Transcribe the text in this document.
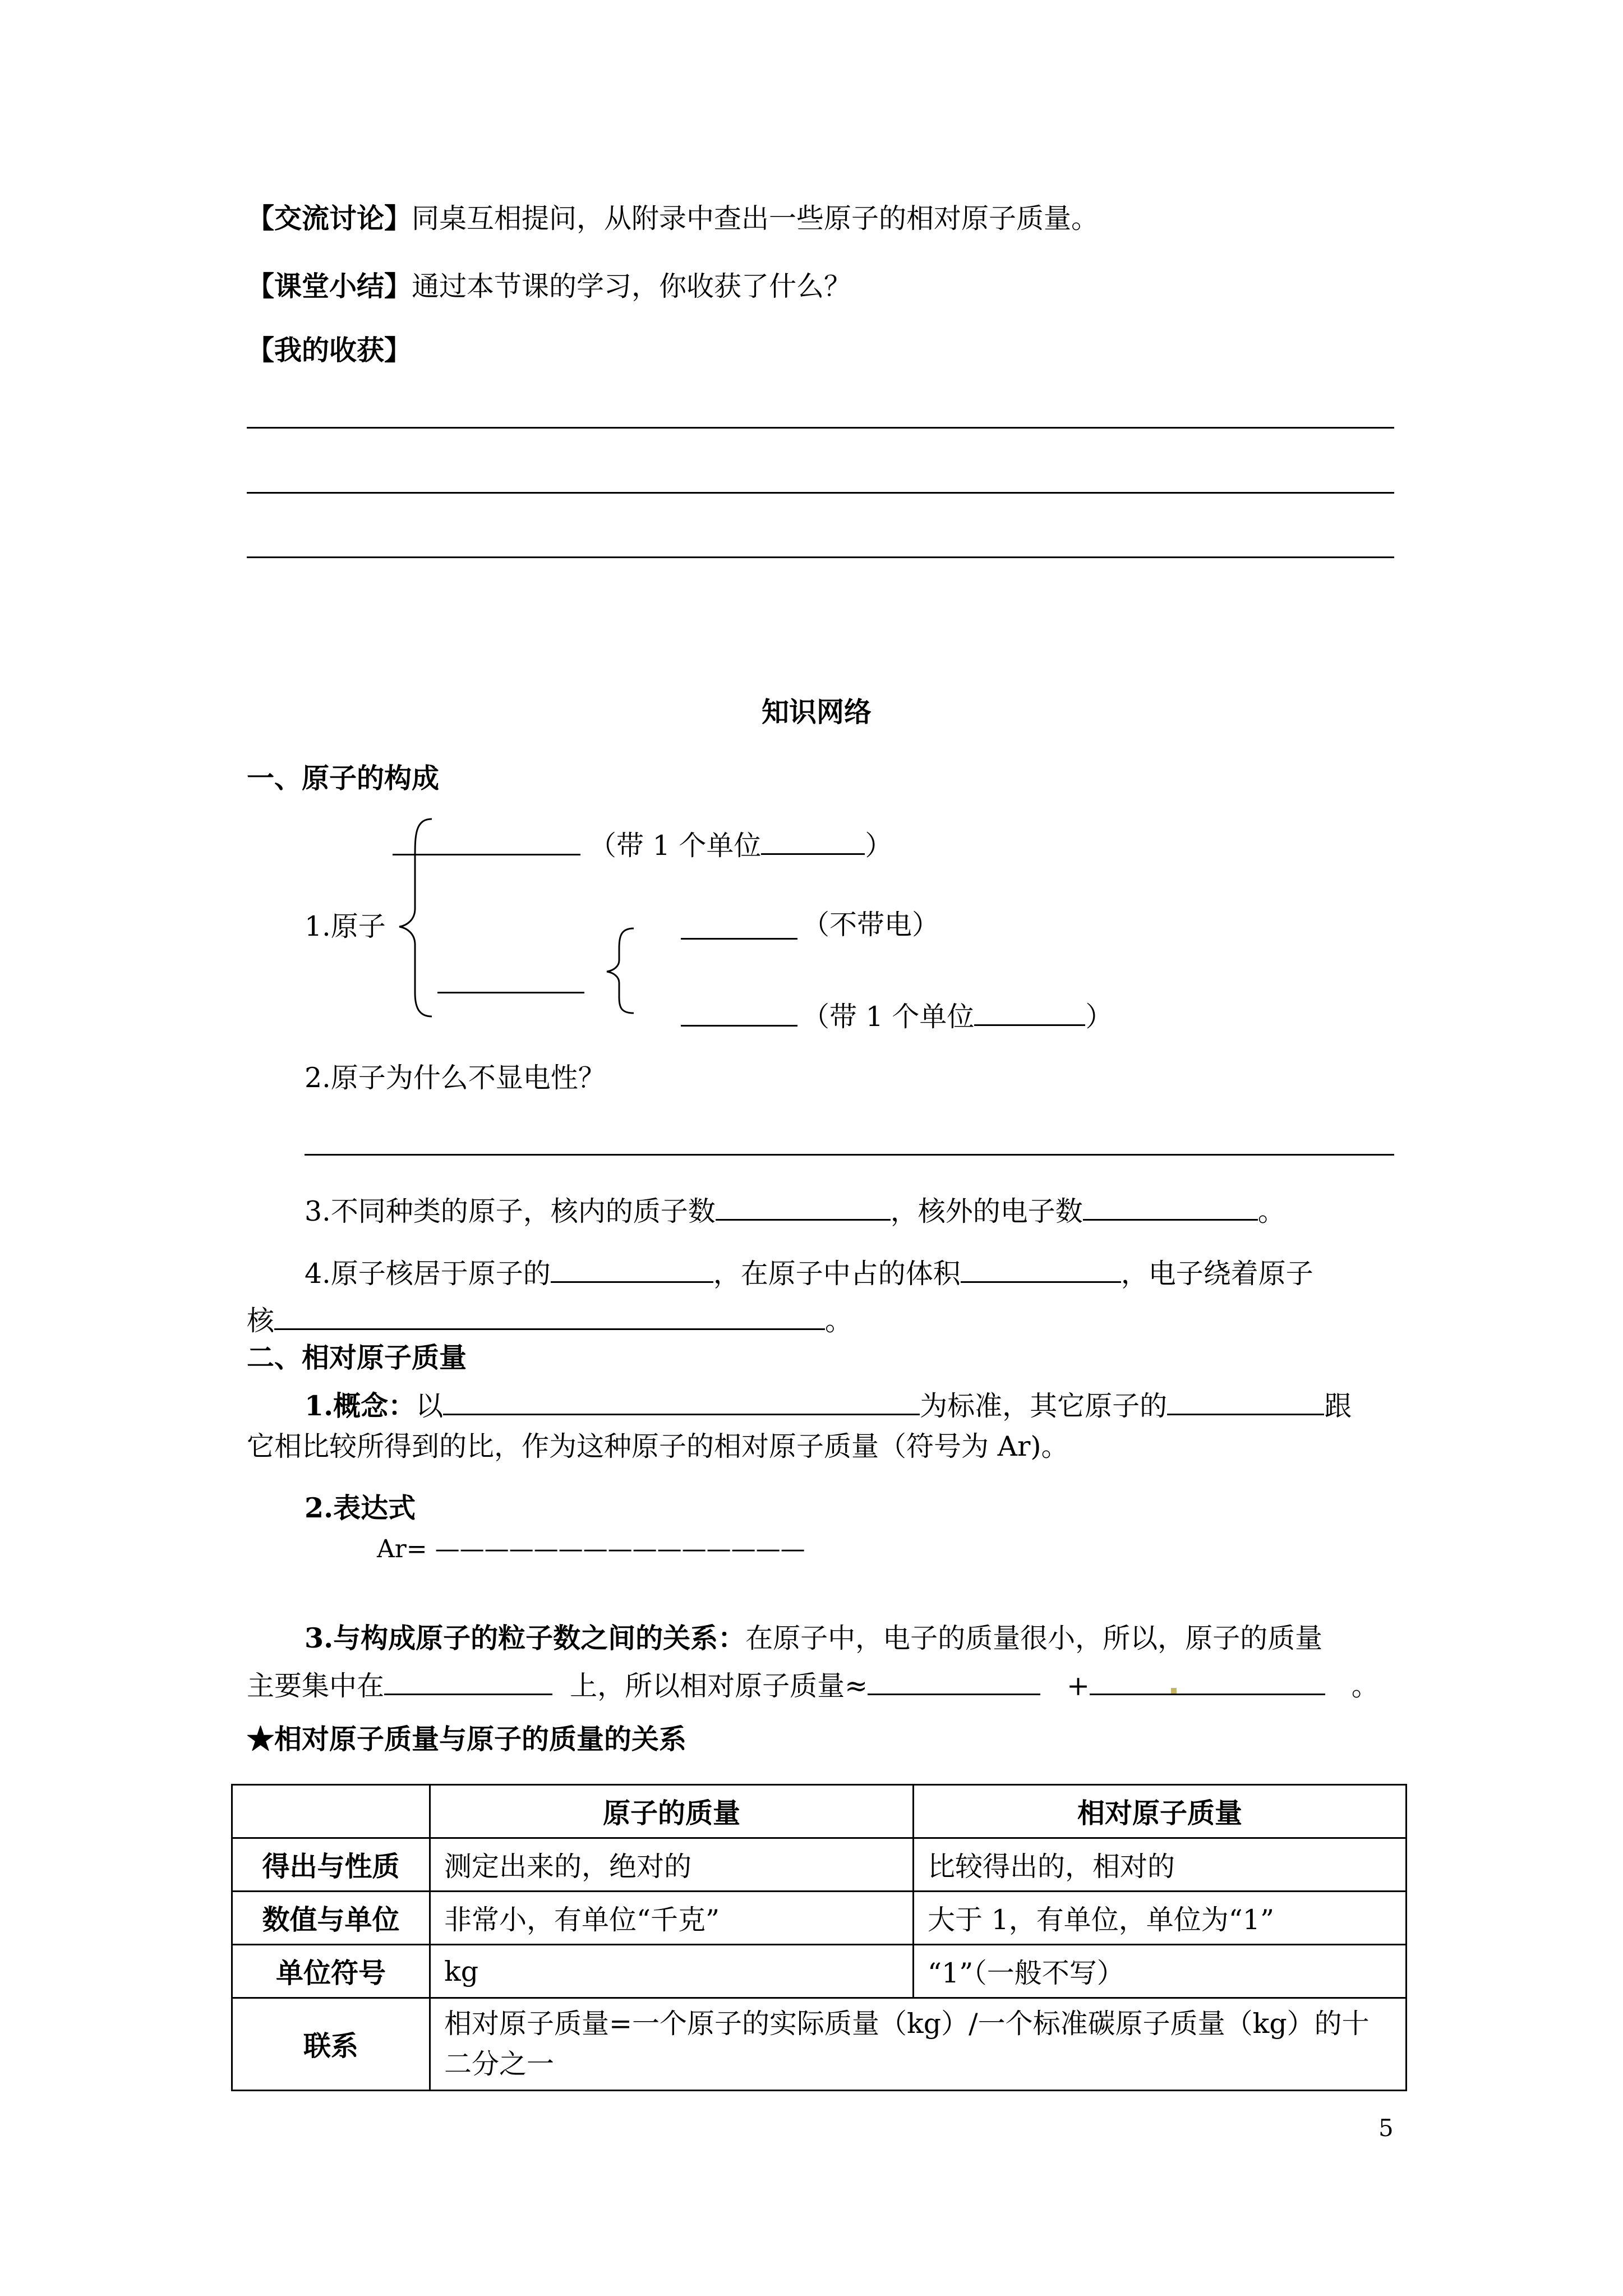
【交流讨论】同桌互相提问，从附录中查出一些原子的相对原子质量。
【课堂小结】通过本节课的学习，你收获了什么？
【我的收获】
知识网络
一、原子的构成
（带 1 个单位	）
1.原子	（不带电）
（带 1 个单位	）
2.原子为什么不显电性？
3.不同种类的原子，核内的质子数	，核外的电子数	。
4.原子核居于原子的	，在原子中占的体积	，电子绕着原子
核	。
二、相对原子质量
1.概念：以	为标准，其它原子的	跟
它相比较所得到的比，作为这种原子的相对原子质量（符号为 Ar)。
2.表达式
Ar= ———————————————
3.与构成原子的粒子数之间的关系：在原子中，电子的质量很小，所以，原子的质量
主要集中在	上，所以相对原子质量≈	+	。
★相对原子质量与原子的质量的关系
	原子的质量	相对原子质量
得出与性质	测定出来的，绝对的	比较得出的，相对的
数值与单位	非常小，有单位“千克”	大于 1，有单位，单位为“1”
单位符号	kg	“1”（一般不写）
联系	相对原子质量=一个原子的实际质量（kg）/一个标准碳原子质量（kg）的十
二分之一	
5
